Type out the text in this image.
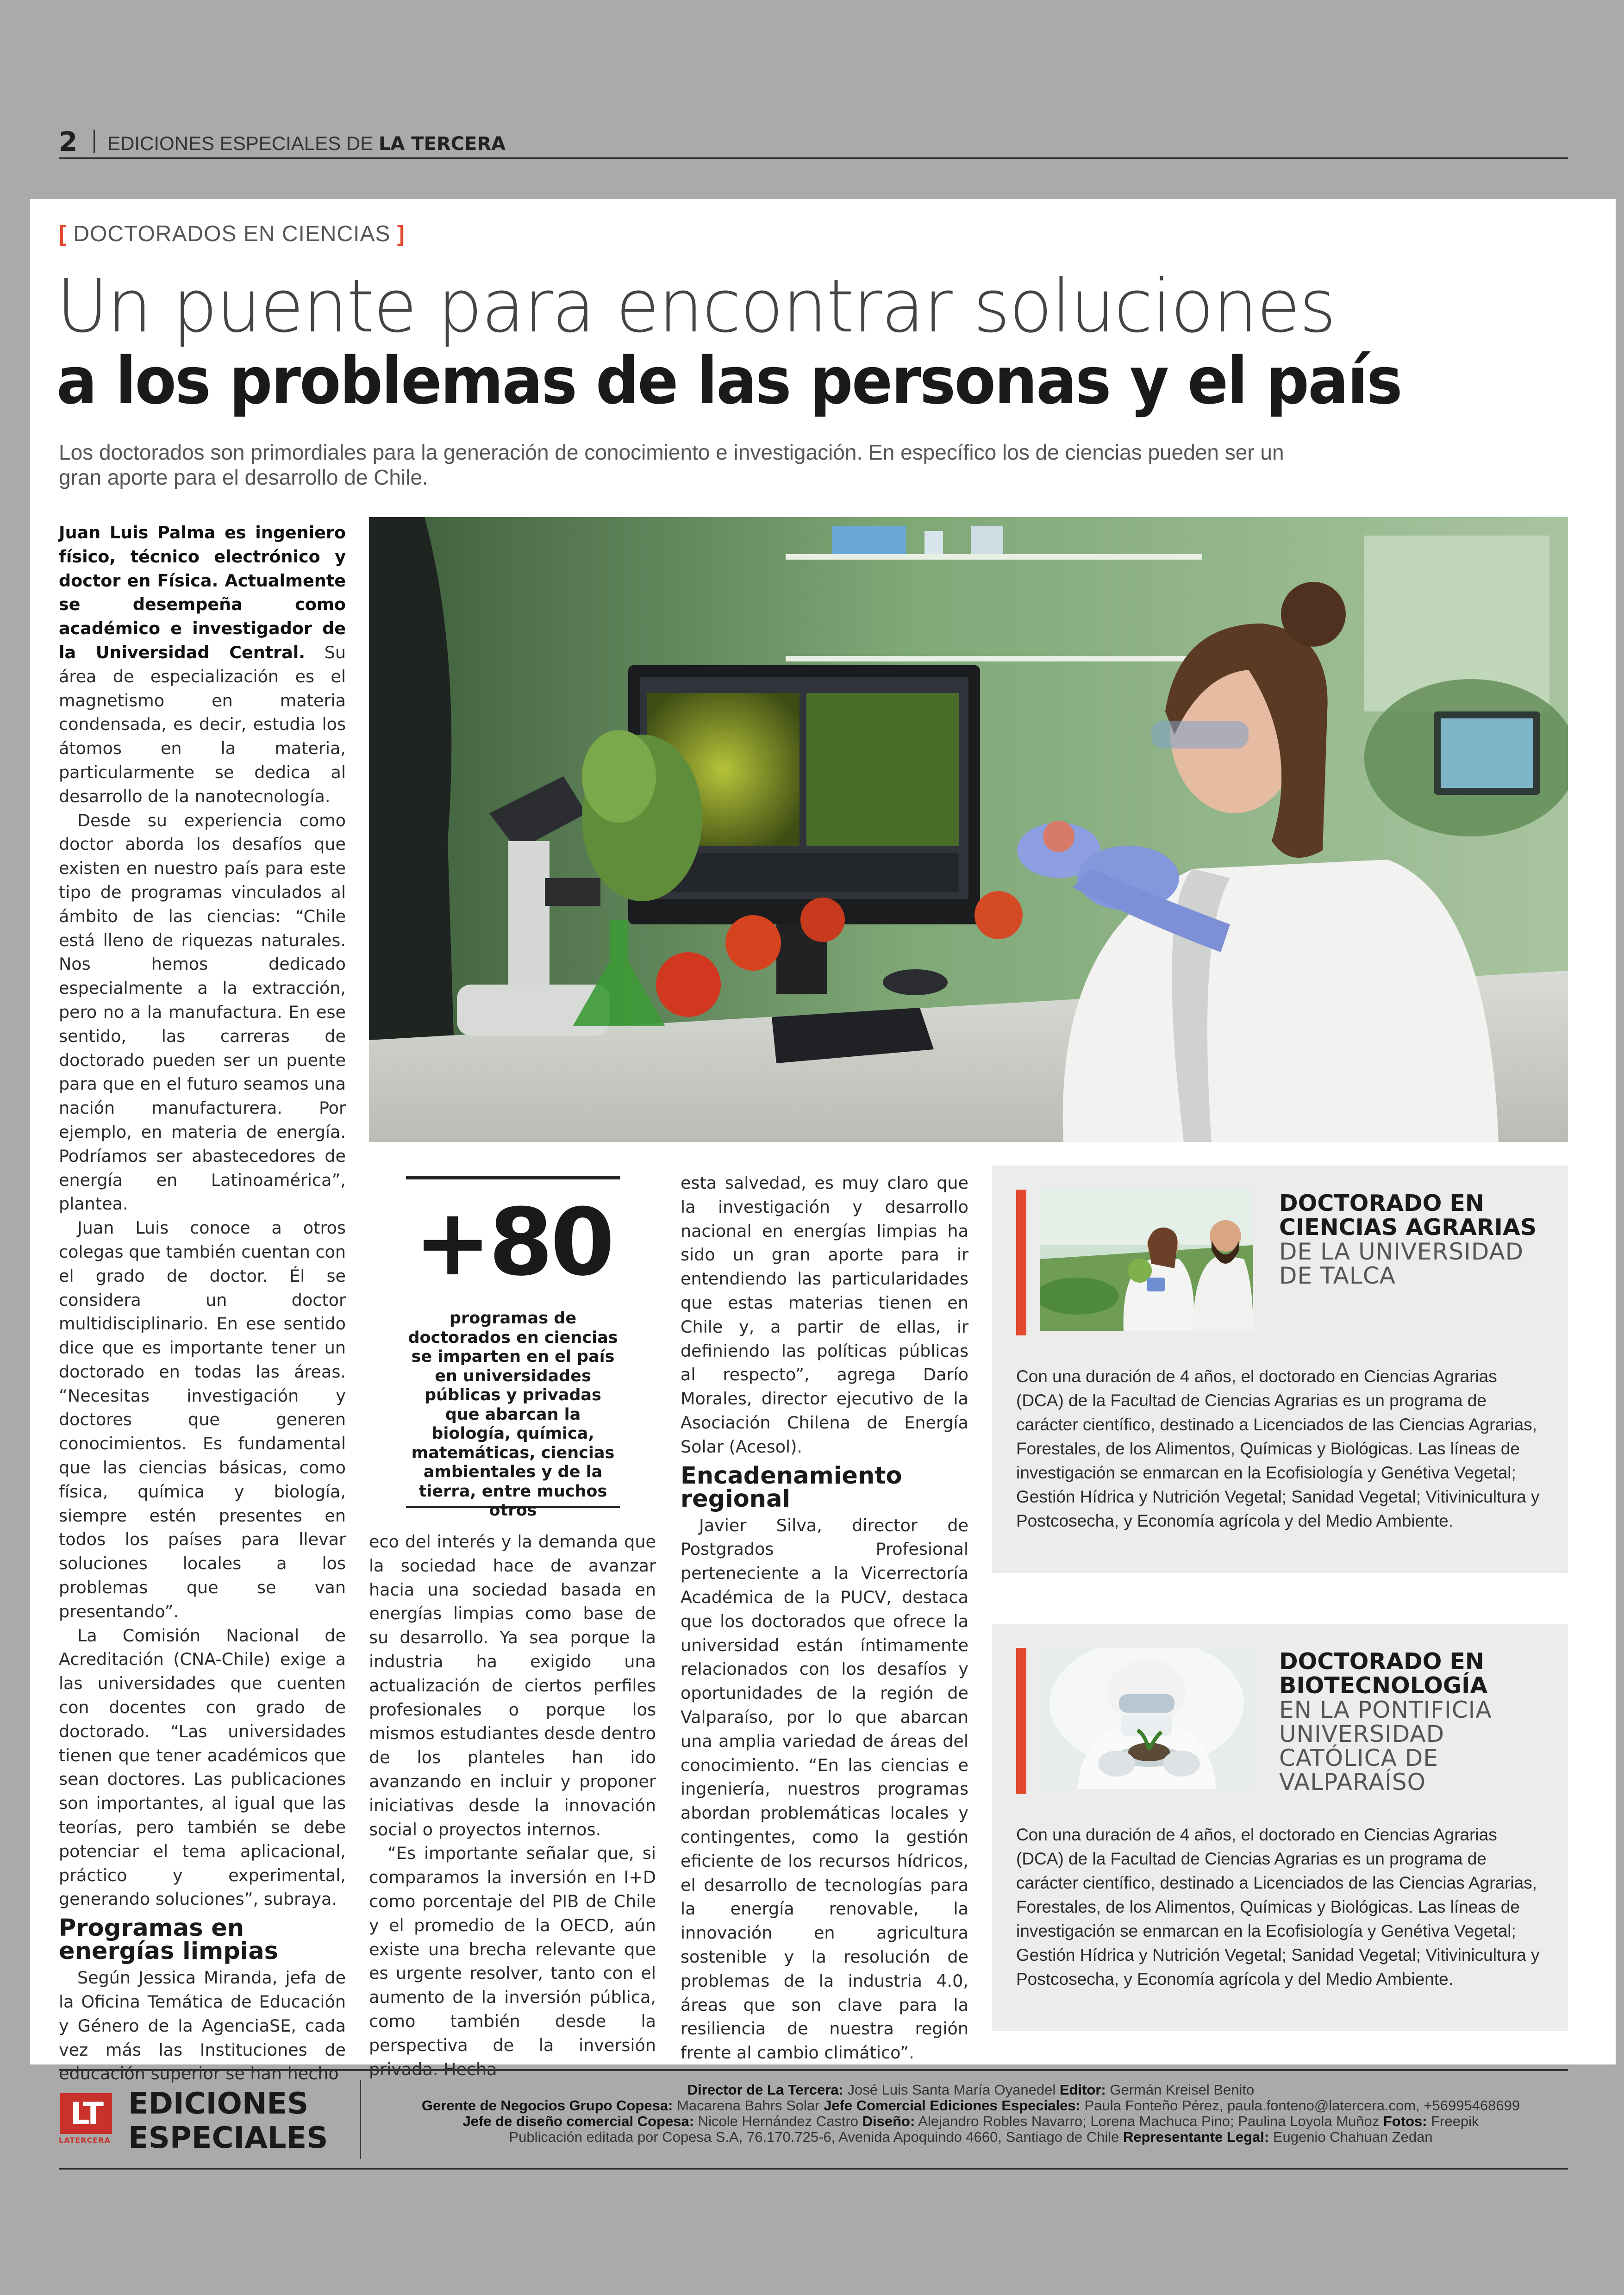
2 EDICIONES ESPECIALES DE LA TERCERA
[ DOCTORADOS EN CIENCIAS ]
Un puente para encontrar soluciones
a los problemas de las personas y el país
Los doctorados son primordiales para la generación de conocimiento e investigación. En específico los de ciencias pueden ser un gran aporte para el desarrollo de Chile.

Juan Luis Palma es ingeniero físico, técnico electrónico y doctor en Física. Actualmente se desempeña como académico e investigador de la Universidad Central. Su área de especialización es el magnetismo en materia condensada, es decir, estudia los átomos en la materia, particularmente se dedica al desarrollo de la nanotecnología.

Desde su experiencia como doctor aborda los desafíos que existen en nuestro país para este tipo de programas vinculados al ámbito de las ciencias: “Chile está lleno de riquezas naturales. Nos hemos dedicado especialmente a la extracción, pero no a la manufactura. En ese sentido, las carreras de doctorado pueden ser un puente para que en el futuro seamos una nación manufacturera. Por ejemplo, en materia de energía. Podríamos ser abastecedores de energía en Latinoamérica”, plantea.

Juan Luis conoce a otros colegas que también cuentan con el grado de doctor. Él se considera un doctor multidisciplinario. En ese sentido dice que es importante tener un doctorado en todas las áreas. “Necesitas investigación y doctores que generen conocimientos. Es fundamental que las ciencias básicas, como física, química y biología, siempre estén presentes en todos los países para llevar soluciones locales a los problemas que se van presentando”.

La Comisión Nacional de Acreditación (CNA-Chile) exige a las universidades que cuenten con docentes con grado de doctorado. “Las universidades tienen que tener académicos que sean doctores. Las publicaciones son importantes, al igual que las teorías, pero también se debe potenciar el tema aplicacional, práctico y experimental, generando soluciones”, subraya.

Programas en energías limpias

Según Jessica Miranda, jefa de la Oficina Temática de Educación y Género de la AgenciaSE, cada vez más las Instituciones de educación superior se han hecho

+80
programas de doctorados en ciencias se imparten en el país en universidades públicas y privadas que abarcan la biología, química, matemáticas, ciencias ambientales y de la tierra, entre muchos otros

eco del interés y la demanda que la sociedad hace de avanzar hacia una sociedad basada en energías limpias como base de su desarrollo. Ya sea porque la industria ha exigido una actualización de ciertos perfiles profesionales o porque los mismos estudiantes desde dentro de los planteles han ido avanzando en incluir y proponer iniciativas desde la innovación social o proyectos internos.

“Es importante señalar que, si comparamos la inversión en I+D como porcentaje del PIB de Chile y el promedio de la OECD, aún existe una brecha relevante que es urgente resolver, tanto con el aumento de la inversión pública, como también desde la perspectiva de la inversión privada. Hecha

esta salvedad, es muy claro que la investigación y desarrollo nacional en energías limpias ha sido un gran aporte para ir entendiendo las particularidades que estas materias tienen en Chile y, a partir de ellas, ir definiendo las políticas públicas al respecto”, agrega Darío Morales, director ejecutivo de la Asociación Chilena de Energía Solar (Acesol).

Encadenamiento regional

Javier Silva, director de Postgrados Profesional perteneciente a la Vicerrectoría Académica de la PUCV, destaca que los doctorados que ofrece la universidad están íntimamente relacionados con los desafíos y oportunidades de la región de Valparaíso, por lo que abarcan una amplia variedad de áreas del conocimiento. “En las ciencias e ingeniería, nuestros programas abordan problemáticas locales y contingentes, como la gestión eficiente de los recursos hídricos, el desarrollo de tecnologías para la energía renovable, la innovación en agricultura sostenible y la resolución de problemas de la industria 4.0, áreas que son clave para la resiliencia de nuestra región frente al cambio climático”.

DOCTORADO EN CIENCIAS AGRARIAS
DE LA UNIVERSIDAD DE TALCA
Con una duración de 4 años, el doctorado en Ciencias Agrarias (DCA) de la Facultad de Ciencias Agrarias es un programa de carácter científico, destinado a Licenciados de las Ciencias Agrarias, Forestales, de los Alimentos, Químicas y Biológicas. Las líneas de investigación se enmarcan en la Ecofisiología y Genétiva Vegetal; Gestión Hídrica y Nutrición Vegetal; Sanidad Vegetal; Vitivinicultura y Postcosecha, y Economía agrícola y del Medio Ambiente.
DOCTORADO EN BIOTECNOLOGÍA
EN LA PONTIFICIA UNIVERSIDAD CATÓLICA DE VALPARAÍSO
Con una duración de 4 años, el doctorado en Ciencias Agrarias (DCA) de la Facultad de Ciencias Agrarias es un programa de carácter científico, destinado a Licenciados de las Ciencias Agrarias, Forestales, de los Alimentos, Químicas y Biológicas. Las líneas de investigación se enmarcan en la Ecofisiología y Genétiva Vegetal; Gestión Hídrica y Nutrición Vegetal; Sanidad Vegetal; Vitivinicultura y Postcosecha, y Economía agrícola y del Medio Ambiente.
LT
LATERCERA
EDICIONES
ESPECIALES
Director de La Tercera: José Luis Santa María Oyanedel Editor: Germán Kreisel Benito
Gerente de Negocios Grupo Copesa: Macarena Bahrs Solar Jefe Comercial Ediciones Especiales: Paula Fonteño Pérez, paula.fonteno@latercera.com, +56995468699
Jefe de diseño comercial Copesa: Nicole Hernández Castro Diseño: Alejandro Robles Navarro; Lorena Machuca Pino; Paulina Loyola Muñoz Fotos: Freepik
Publicación editada por Copesa S.A, 76.170.725-6, Avenida Apoquindo 4660, Santiago de Chile Representante Legal: Eugenio Chahuan Zedan
